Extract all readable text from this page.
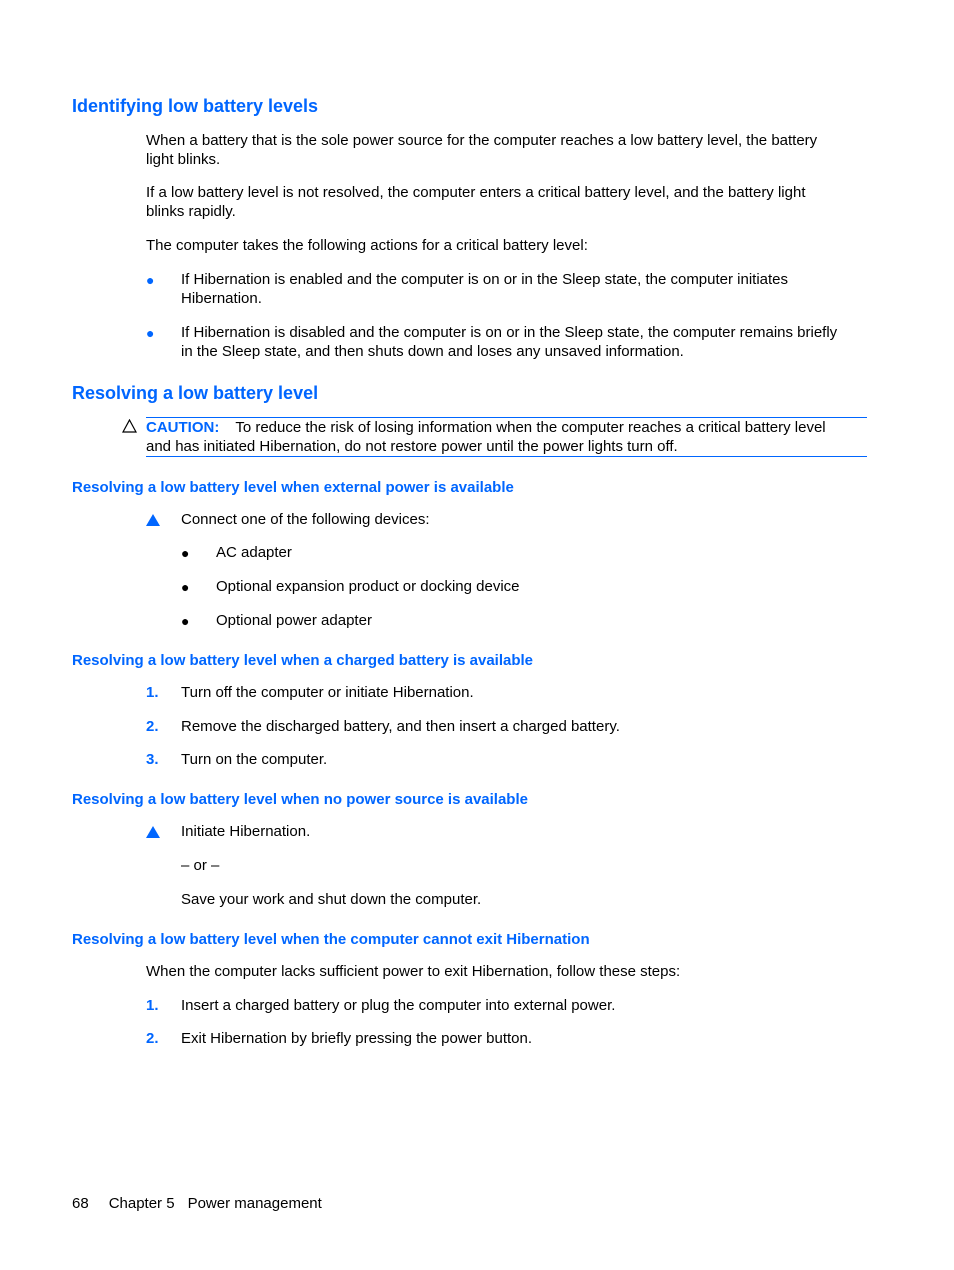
Identifying low battery levels
When a battery that is the sole power source for the computer reaches a low battery level, the battery
light blinks.
If a low battery level is not resolved, the computer enters a critical battery level, and the battery light
blinks rapidly.
The computer takes the following actions for a critical battery level:
● If Hibernation is enabled and the computer is on or in the Sleep state, the computer initiates
Hibernation.
● If Hibernation is disabled and the computer is on or in the Sleep state, the computer remains briefly
in the Sleep state, and then shuts down and loses any unsaved information.
Resolving a low battery level
CAUTION: To reduce the risk of losing information when the computer reaches a critical battery level
and has initiated Hibernation, do not restore power until the power lights turn off.
Resolving a low battery level when external power is available
Connect one of the following devices:
● AC adapter
● Optional expansion product or docking device
● Optional power adapter
Resolving a low battery level when a charged battery is available
1. Turn off the computer or initiate Hibernation.
2. Remove the discharged battery, and then insert a charged battery.
3. Turn on the computer.
Resolving a low battery level when no power source is available
Initiate Hibernation.
– or –
Save your work and shut down the computer.
Resolving a low battery level when the computer cannot exit Hibernation
When the computer lacks sufficient power to exit Hibernation, follow these steps:
1. Insert a charged battery or plug the computer into external power.
2. Exit Hibernation by briefly pressing the power button.
68 Chapter 5 Power management
